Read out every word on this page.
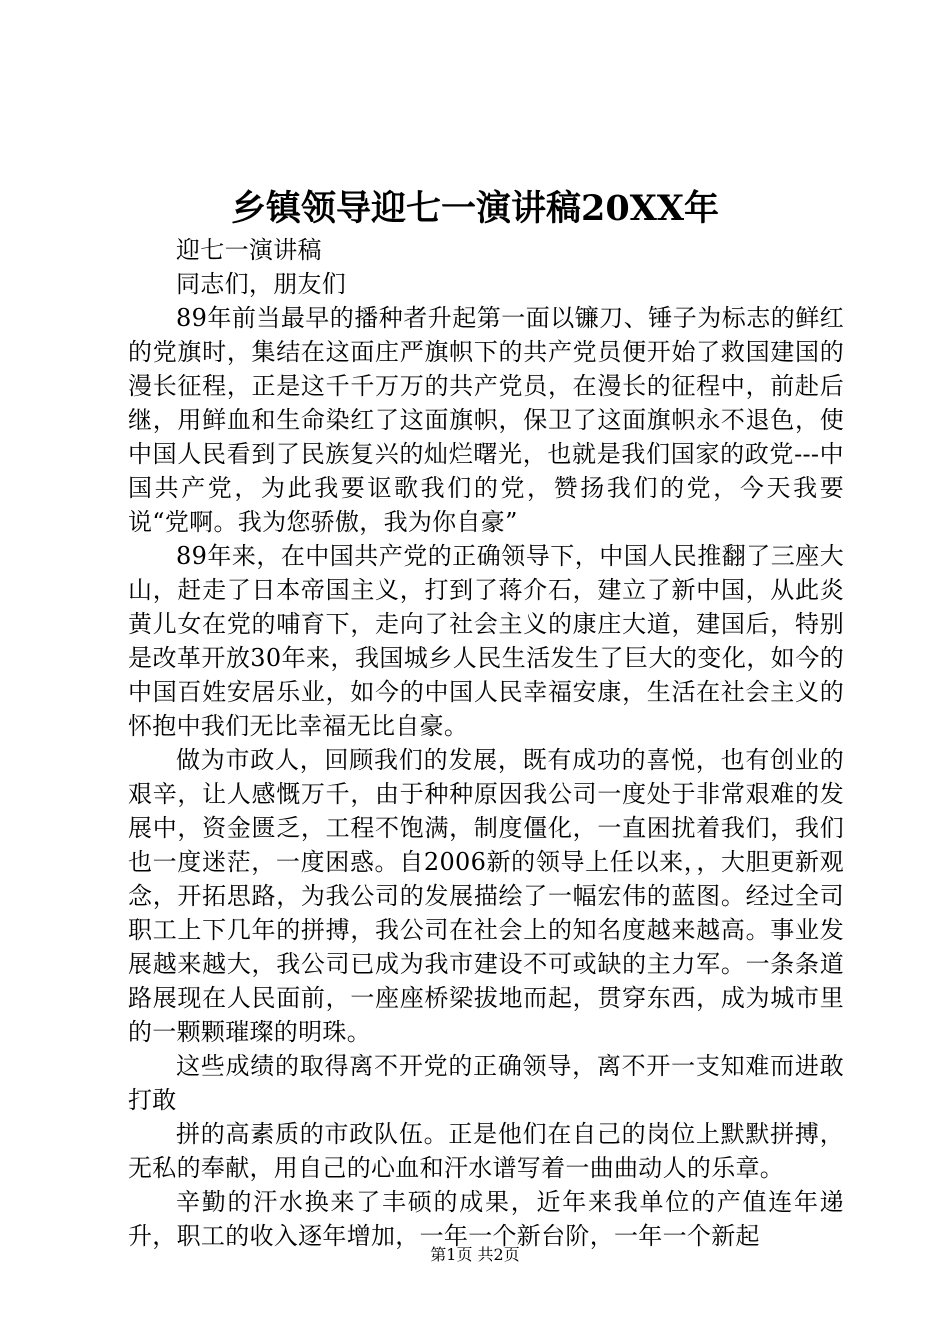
乡镇领导迎七一演讲稿20XX年

迎七一演讲稿

同志们，朋友们

89年前当最早的播种者升起第一面以镰刀、锤子为标志的鲜红的党旗时，集结在这面庄严旗帜下的共产党员便开始了救国建国的漫长征程，正是这千千万万的共产党员，在漫长的征程中，前赴后继，用鲜血和生命染红了这面旗帜，保卫了这面旗帜永不退色，使中国人民看到了民族复兴的灿烂曙光，也就是我们国家的政党---中国共产党，为此我要讴歌我们的党，赞扬我们的党，今天我要说“党啊。我为您骄傲，我为你自豪”

89年来，在中国共产党的正确领导下，中国人民推翻了三座大山，赶走了日本帝国主义，打到了蒋介石，建立了新中国，从此炎黄儿女在党的哺育下，走向了社会主义的康庄大道，建国后，特别是改革开放30年来，我国城乡人民生活发生了巨大的变化，如今的中国百姓安居乐业，如今的中国人民幸福安康，生活在社会主义的怀抱中我们无比幸福无比自豪。

做为市政人，回顾我们的发展，既有成功的喜悦，也有创业的艰辛，让人感慨万千，由于种种原因我公司一度处于非常艰难的发展中，资金匮乏，工程不饱满，制度僵化，一直困扰着我们，我们也一度迷茫，一度困惑。自2006新的领导上任以来，，大胆更新观念，开拓思路，为我公司的发展描绘了一幅宏伟的蓝图。经过全司职工上下几年的拼搏，我公司在社会上的知名度越来越高。事业发展越来越大，我公司已成为我市建设不可或缺的主力军。一条条道路展现在人民面前，一座座桥梁拔地而起，贯穿东西，成为城市里的一颗颗璀璨的明珠。

这些成绩的取得离不开党的正确领导，离不开一支知难而进敢打敢

拼的高素质的市政队伍。正是他们在自己的岗位上默默拼搏，无私的奉献，用自己的心血和汗水谱写着一曲曲动人的乐章。

辛勤的汗水换来了丰硕的成果，近年来我单位的产值连年递升，职工的收入逐年增加，一年一个新台阶，一年一个新起

第1页 共2页
